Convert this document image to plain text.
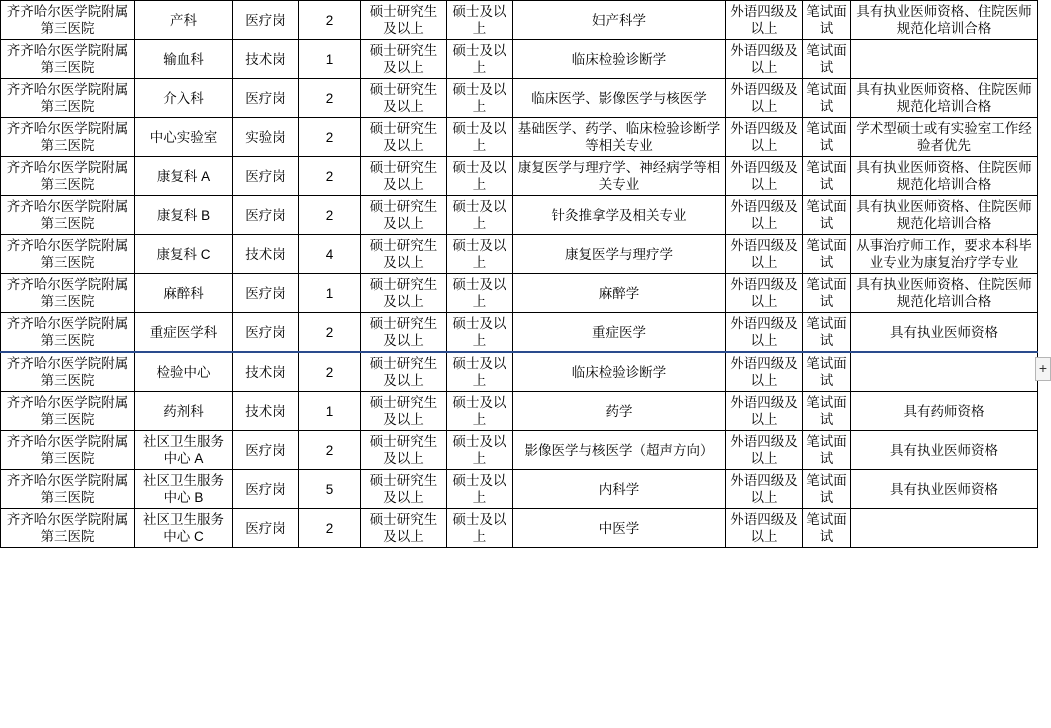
齐齐哈尔医学院附属第三医院	产科	医疗岗	2	硕士研究生及以上	硕士及以上	妇产科学	外语四级及以上	笔试面试	具有执业医师资格、住院医师规范化培训合格
齐齐哈尔医学院附属第三医院	输血科	技术岗	1	硕士研究生及以上	硕士及以上	临床检验诊断学	外语四级及以上	笔试面试	
齐齐哈尔医学院附属第三医院	介入科	医疗岗	2	硕士研究生及以上	硕士及以上	临床医学、影像医学与核医学	外语四级及以上	笔试面试	具有执业医师资格、住院医师规范化培训合格
齐齐哈尔医学院附属第三医院	中心实验室	实验岗	2	硕士研究生及以上	硕士及以上	基础医学、药学、临床检验诊断学等相关专业	外语四级及以上	笔试面试	学术型硕士或有实验室工作经验者优先
齐齐哈尔医学院附属第三医院	康复科 A	医疗岗	2	硕士研究生及以上	硕士及以上	康复医学与理疗学、神经病学等相关专业	外语四级及以上	笔试面试	具有执业医师资格、住院医师规范化培训合格
齐齐哈尔医学院附属第三医院	康复科 B	医疗岗	2	硕士研究生及以上	硕士及以上	针灸推拿学及相关专业	外语四级及以上	笔试面试	具有执业医师资格、住院医师规范化培训合格
齐齐哈尔医学院附属第三医院	康复科 C	技术岗	4	硕士研究生及以上	硕士及以上	康复医学与理疗学	外语四级及以上	笔试面试	从事治疗师工作，要求本科毕业专业为康复治疗学专业
齐齐哈尔医学院附属第三医院	麻醉科	医疗岗	1	硕士研究生及以上	硕士及以上	麻醉学	外语四级及以上	笔试面试	具有执业医师资格、住院医师规范化培训合格
齐齐哈尔医学院附属第三医院	重症医学科	医疗岗	2	硕士研究生及以上	硕士及以上	重症医学	外语四级及以上	笔试面试	具有执业医师资格
齐齐哈尔医学院附属第三医院	检验中心	技术岗	2	硕士研究生及以上	硕士及以上	临床检验诊断学	外语四级及以上	笔试面试	
齐齐哈尔医学院附属第三医院	药剂科	技术岗	1	硕士研究生及以上	硕士及以上	药学	外语四级及以上	笔试面试	具有药师资格
齐齐哈尔医学院附属第三医院	社区卫生服务中心 A	医疗岗	2	硕士研究生及以上	硕士及以上	影像医学与核医学（超声方向）	外语四级及以上	笔试面试	具有执业医师资格
齐齐哈尔医学院附属第三医院	社区卫生服务中心 B	医疗岗	5	硕士研究生及以上	硕士及以上	内科学	外语四级及以上	笔试面试	具有执业医师资格
齐齐哈尔医学院附属第三医院	社区卫生服务中心 C	医疗岗	2	硕士研究生及以上	硕士及以上	中医学	外语四级及以上	笔试面试	
+
